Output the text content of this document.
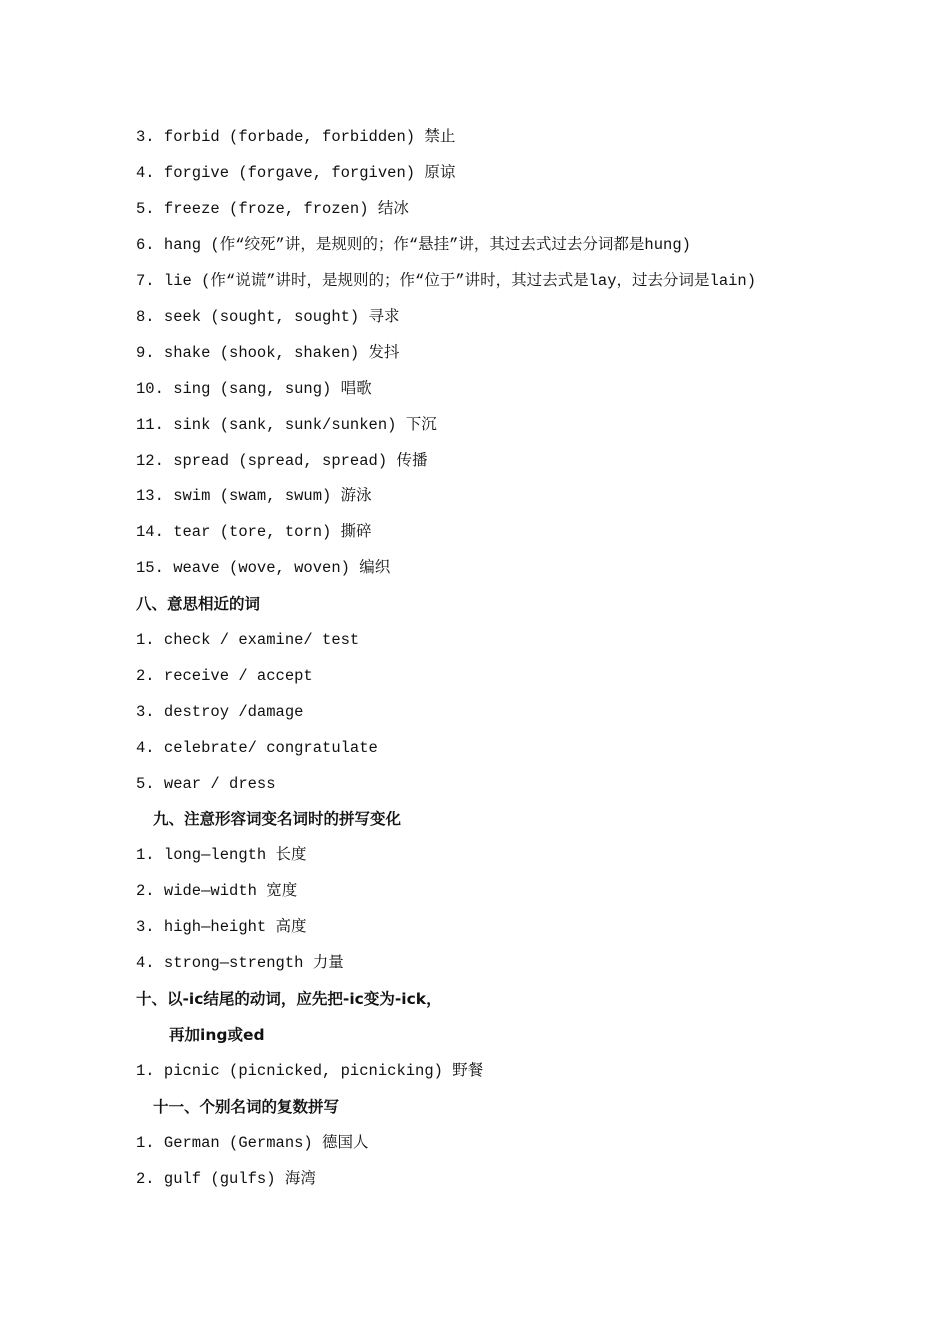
3. forbid (forbade, forbidden) 禁止
4. forgive (forgave, forgiven) 原谅
5. freeze (froze, frozen) 结冰
6. hang (作“绞死”讲，是规则的；作“悬挂”讲，其过去式过去分词都是hung)
7. lie (作“说谎”讲时，是规则的；作“位于”讲时，其过去式是lay，过去分词是lain)
8. seek (sought, sought) 寻求
9. shake (shook, shaken) 发抖
10. sing (sang, sung) 唱歌
11. sink (sank, sunk/sunken) 下沉
12. spread (spread, spread) 传播
13. swim (swam, swum) 游泳
14. tear (tore, torn) 撕碎
15. weave (wove, woven) 编织
八、意思相近的词
1. check / examine/ test
2. receive / accept
3. destroy /damage
4. celebrate/ congratulate
5. wear / dress
九、注意形容词变名词时的拼写变化
1. long—length 长度
2. wide—width 宽度
3. high—height 高度
4. strong—strength 力量
十、以-ic结尾的动词，应先把-ic变为-ick，
再加ing或ed
1. picnic (picnicked, picnicking) 野餐
十一、个别名词的复数拼写
1. German (Germans) 德国人
2. gulf (gulfs) 海湾
